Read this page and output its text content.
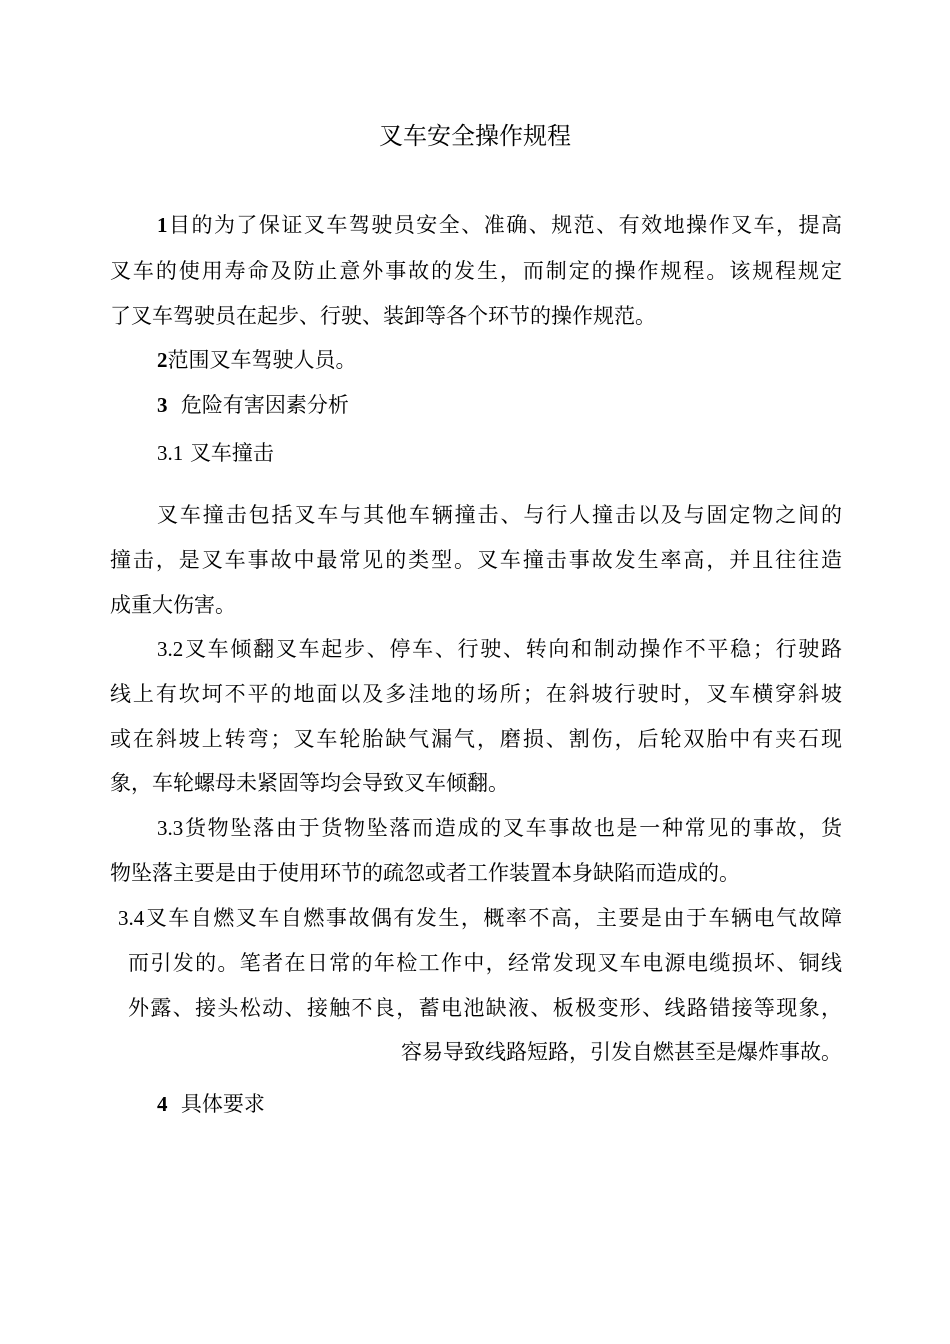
叉车安全操作规程
1目的为了保证叉车驾驶员安全、准确、规范、有效地操作叉车，提高
叉车的使用寿命及防止意外事故的发生，而制定的操作规程。该规程规定
了叉车驾驶员在起步、行驶、装卸等各个环节的操作规范。
2范围叉车驾驶人员。
3 危险有害因素分析
3.1 叉车撞击
叉车撞击包括叉车与其他车辆撞击、与行人撞击以及与固定物之间的
撞击，是叉车事故中最常见的类型。叉车撞击事故发生率高，并且往往造
成重大伤害。
3.2叉车倾翻叉车起步、停车、行驶、转向和制动操作不平稳；行驶路
线上有坎坷不平的地面以及多洼地的场所；在斜坡行驶时，叉车横穿斜坡
或在斜坡上转弯；叉车轮胎缺气漏气，磨损、割伤，后轮双胎中有夹石现
象，车轮螺母未紧固等均会导致叉车倾翻。
3.3货物坠落由于货物坠落而造成的叉车事故也是一种常见的事故，货
物坠落主要是由于使用环节的疏忽或者工作装置本身缺陷而造成的。
3.4叉车自燃叉车自燃事故偶有发生，概率不高，主要是由于车辆电气故障
而引发的。笔者在日常的年检工作中，经常发现叉车电源电缆损坏、铜线
外露、接头松动、接触不良，蓄电池缺液、板极变形、线路错接等现象，
容易导致线路短路，引发自燃甚至是爆炸事故。
4 具体要求
